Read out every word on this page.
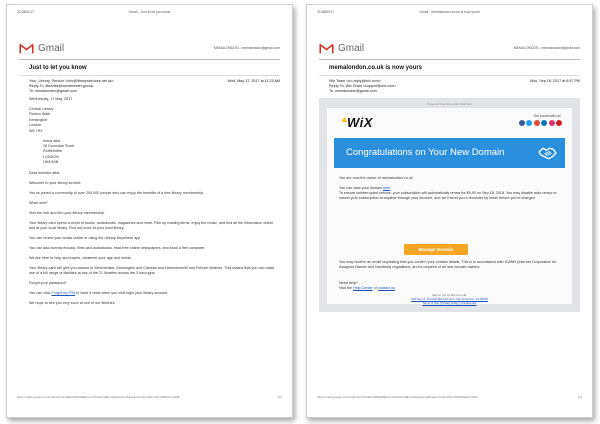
21/08/2017	Gmail - Just to let you know
Gmail	MEMALONDON - memalondon@gmail.com
Just to let you know
Your_Library_Service <info@libraryservices.net.uk>	Wed, May 17, 2017 at 11:25 AM
Reply-To: libraries@westminster.gov.uk
To: memalondon@gmail.com

Wednesday, 17 May, 2017

Central Library
Pimlico Walk
Kensington
London
W8 7RX
mona alba
28 Dunnolan Road
Rotherhithe
LONDON
LWA 8XB

Dear memalo alba:

Welcome to your library service.

You've joined a community of over 200,000 people who can enjoy the benefits of a free library membership.

What next?

Visit the hub and find your library membership.

Your library card opens a world of books, audiobooks, magazines and more. Pick up reading items, enjoy the music, and find all the information online and at your local library. Find out more at your local library.

You can renew your books online or using the Library Anywhere app.

You can also borrow ebooks, films and audiobooks, read free online newspapers, and book a free computer.

We are here to help and inspire, whatever your age and needs.

Your library card will give you access to Westminster, Kensington and Chelsea and Hammersmith and Fulham libraries. This means that you can make use of a full range of facilities at any of the 21 libraries across the 3 boroughs.

Forgot your password?

You can click Forgot my PIN to have it reset when you next login your library account.

We hope to see you very soon at one of our libraries.

https://mail.google.com/mail/u/1/?ui=2&ik=0f0d0f8&jsver=h6xdHm0ByAHw&view=pt&search=inbox&th=15c1582b7e1a2d4	1/1
21/08/2017	Gmail - memalondon.co.uk is now yours
Gmail	MEMALONDON - memalondon@gmail.com
memalondon.co.uk is now yours
Wix Team <no-reply@wix.com>	Mon, Sep 18, 2017 at 6:57 PM
Reply-To: Wix Team <support@wix.com>
To: memalondon@gmail.com
If you can't see this email, click here
▲
WiX	Get social with us!
Congratulations on Your New Domain

You are now the owner of memalondon.co.uk.

You can view your domain here
To ensure uninterrupted service, your subscription will automatically renew for $9.90 on Sep 18, 2018. You may disable auto-renew or cancel your subscription at anytime through your account, and we'll send you a reminder by email before you're charged.

Manage Domain

You may receive an email requesting that you confirm your contact details. This is in accordance with ICANN (Internet Corporation for Assigned Names and Numbers) regulations, and is required of all new domain owners.

Need help?
Visit the Help Center or contact us
Sent to you by Wix.com Ltd.
500 Terry A. Francois Blvd 6th floor, San Francisco, CA 94158
Terms of Use | Privacy Policy | Unsubscribe
https://mail.google.com/mail/u/1/?ui=2&ik=0f0d0f8&jsver=h6xdHm0ByAHw&view=pt&search=inbox&th=15e9d3a2b71f5e1	1/1
